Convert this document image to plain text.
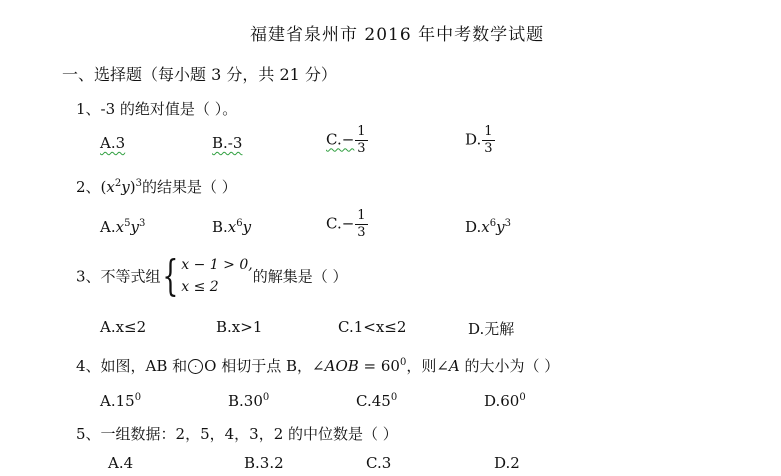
福建省泉州市 2016 年中考数学试题
一、选择题（每小题 3 分，共 21 分）
1、-3 的绝对值是（ ）。
A.3	B.-3	$C.- \frac{1}{3}$	D. $\frac{1}{3}$
2、$(x^2y)^3$的结果是（ ）
$A.x^5y^3$	$B.x^6y$	$C.- \frac{1}{3}$	$D.x^6y^3$
3、不等式组 { x − 1 > 0,
x ≤ 2
的解集是（ ）
A.x≤2	B.x>1	C.1<x≤2	D.无解
4、如图，AB 和 · O 相切于点 B，∠AOB = $60^0$，则∠A 的大小为（ ）
$A.15^0$	$B.30^0$	$C.45^0$	$D.60^0$
5、一组数据：2，5，4，3，2 的中位数是（ ）
A.4	B.3.2	C.3	D.2
